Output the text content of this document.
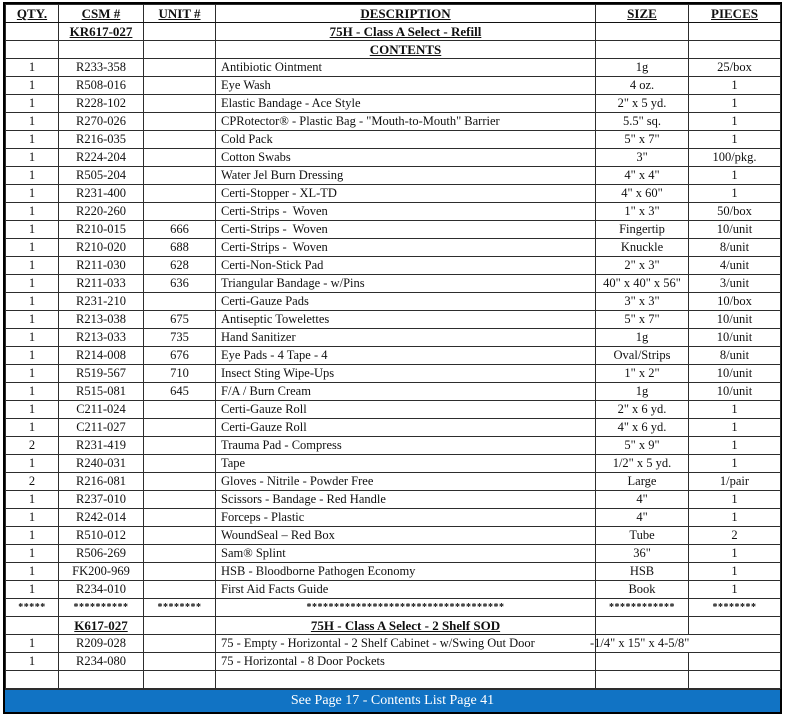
QTY.	CSM #	UNIT #	DESCRIPTION	SIZE	PIECES
	KR617-027		75H - Class A Select - Refill		
			CONTENTS		
1	R233-358		Antibiotic Ointment	1g	25/box
1	R508-016		Eye Wash	4 oz.	1
1	R228-102		Elastic Bandage - Ace Style	2" x 5 yd.	1
1	R270-026		CPRotector® - Plastic Bag - "Mouth-to-Mouth" Barrier	5.5" sq.	1
1	R216-035		Cold Pack	5" x 7"	1
1	R224-204		Cotton Swabs	3"	100/pkg.
1	R505-204		Water Jel Burn Dressing	4" x 4"	1
1	R231-400		Certi-Stopper - XL-TD	4" x 60"	1
1	R220-260		Certi-Strips -  Woven	1" x 3"	50/box
1	R210-015	666	Certi-Strips -  Woven	Fingertip	10/unit
1	R210-020	688	Certi-Strips -  Woven	Knuckle	8/unit
1	R211-030	628	Certi-Non-Stick Pad	2" x 3"	4/unit
1	R211-033	636	Triangular Bandage - w/Pins	40" x 40" x 56"	3/unit
1	R231-210		Certi-Gauze Pads	3" x 3"	10/box
1	R213-038	675	Antiseptic Towelettes	5" x 7"	10/unit
1	R213-033	735	Hand Sanitizer	1g	10/unit
1	R214-008	676	Eye Pads - 4 Tape - 4	Oval/Strips	8/unit
1	R519-567	710	Insect Sting Wipe-Ups	1" x 2"	10/unit
1	R515-081	645	F/A / Burn Cream	1g	10/unit
1	C211-024		Certi-Gauze Roll	2" x 6 yd.	1
1	C211-027		Certi-Gauze Roll	4" x 6 yd.	1
2	R231-419		Trauma Pad - Compress	5" x 9"	1
1	R240-031		Tape	1/2" x 5 yd.	1
2	R216-081		Gloves - Nitrile - Powder Free	Large	1/pair
1	R237-010		Scissors - Bandage - Red Handle	4"	1
1	R242-014		Forceps - Plastic	4"	1
1	R510-012		WoundSeal – Red Box	Tube	2
1	R506-269		Sam® Splint	36"	1
1	FK200-969		HSB - Bloodborne Pathogen Economy	HSB	1
1	R234-010		First Aid Facts Guide	Book	1
*****	**********	********	************************************	************	********
	K617-027		75H - Class A Select - 2 Shelf SOD		
1	R209-028		75 - Empty - Horizontal - 2 Shelf Cabinet - w/Swing Out Door	-1/4" x 15" x 4-5/8"	
1	R234-080		75 - Horizontal - 8 Door Pockets		

See Page 17 - Contents List Page 41
